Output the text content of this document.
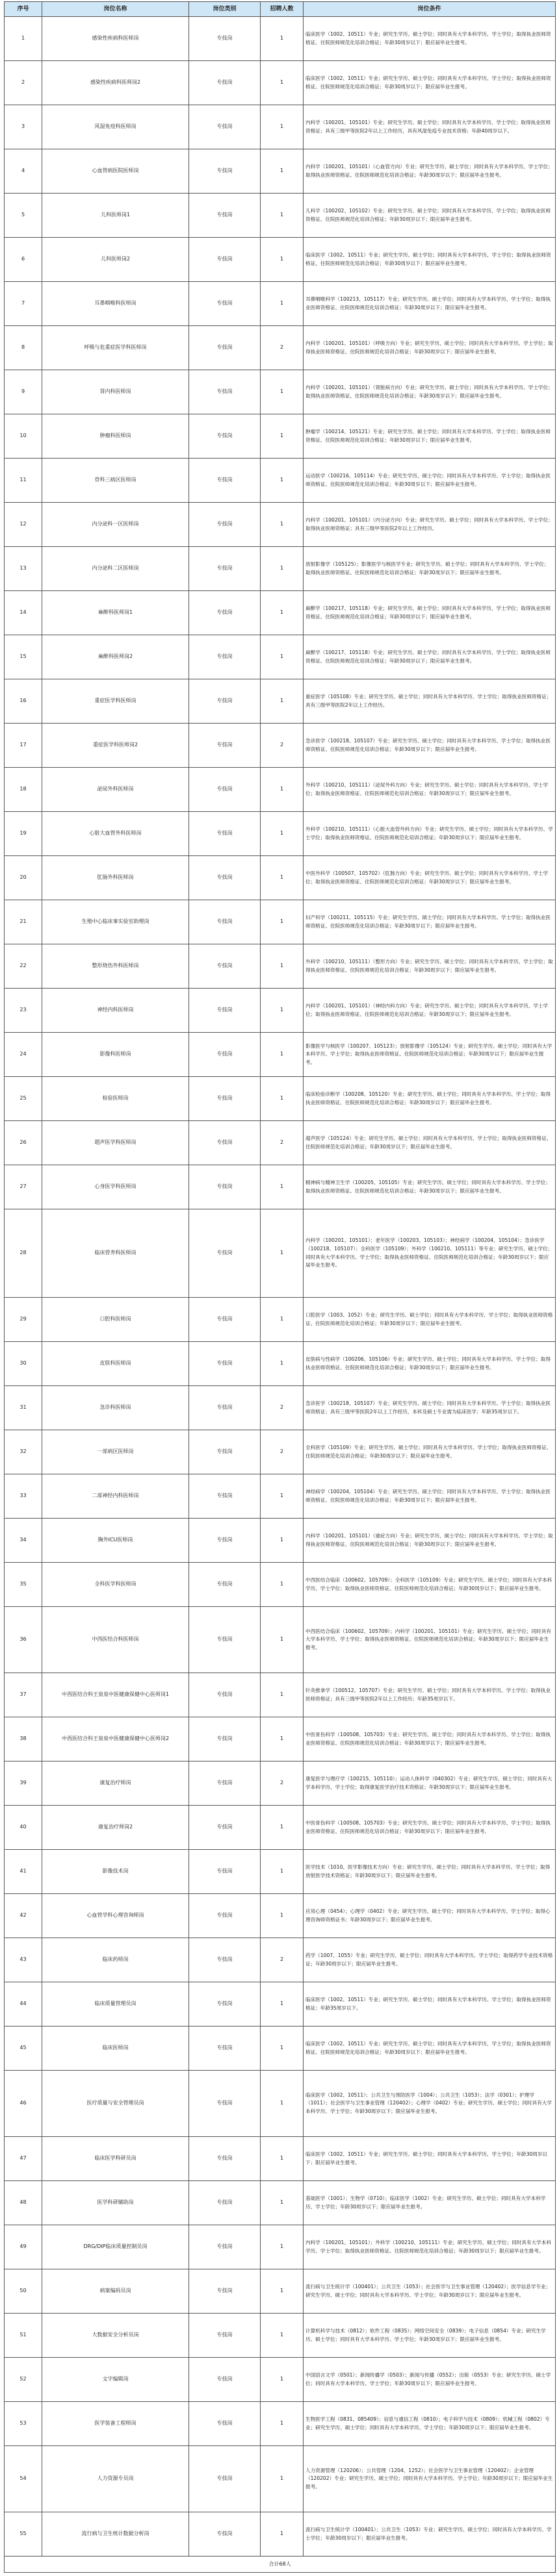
序号	岗位名称	岗位类别	招聘人数	岗位条件
1	感染性疾病科医师岗	专技岗	1	临床医学（1002、10511）专业；研究生学历、硕士学位；同时具有大学本科学历、学士学位；取得执业医师资格证、住院医师规范化培训合格证；年龄30周岁以下；限应届毕业生报考。
2	感染性疾病科医师岗2	专技岗	1	临床医学（1002、10511）专业；研究生学历、硕士学位；同时具有大学本科学历、学士学位；取得执业医师资格证、住院医师规范化培训合格证；年龄30周岁以下；限应届毕业生报考。
3	风湿免疫科医师岗	专技岗	1	内科学（100201、105101）专业；研究生学历、硕士学位；同时具有大学本科学历、学士学位；取得执业医师资格证；具有三级甲等医院2年以上工作经历，具有风湿免疫专业技术资格；年龄40周岁以下。
4	心血管病医院医师岗	专技岗	1	内科学（100201、105101）（心血管方向）专业；研究生学历、硕士学位；同时具有大学本科学历、学士学位；取得执业医师资格证、住院医师规范化培训合格证；年龄30周岁以下；限应届毕业生报考。
5	儿科医师岗1	专技岗	1	儿科学（100202、105102）专业；研究生学历、硕士学位；同时具有大学本科学历、学士学位；取得执业医师资格证、住院医师规范化培训合格证；年龄30周岁以下；限应届毕业生报考。
6	儿科医师岗2	专技岗	1	临床医学（1002、10511）专业；研究生学历、硕士学位；同时具有大学本科学历、学士学位；取得执业医师资格证、住院医师规范化培训合格证；年龄30周岁以下；限应届毕业生报考。
7	耳鼻咽喉科医师岗	专技岗	1	耳鼻咽喉科学（100213、105117）专业；研究生学历、硕士学位；同时具有大学本科学历、学士学位；取得执业医师资格证、住院医师规范化培训合格证；年龄30周岁以下；限应届毕业生报考。
8	呼吸与危重症医学科医师岗	专技岗	2	内科学（100201、105101）（呼吸方向）专业；研究生学历、硕士学位；同时具有大学本科学历、学士学位；取得执业医师资格证、住院医师规范化培训合格证；年龄30周岁以下；限应届毕业生报考。
9	肾内科医师岗	专技岗	1	内科学（100201、105101）（肾脏病方向）专业；研究生学历、硕士学位；同时具有大学本科学历、学士学位；取得执业医师资格证、住院医师规范化培训合格证；年龄30周岁以下；限应届毕业生报考。
10	肿瘤科医师岗	专技岗	1	肿瘤学（100214、105121）专业；研究生学历、硕士学位；同时具有大学本科学历、学士学位；取得执业医师资格证、住院医师规范化培训合格证；年龄30周岁以下；限应届毕业生报考。
11	骨科三病区医师岗	专技岗	1	运动医学（100216、105114）专业；研究生学历、硕士学位；同时具有大学本科学历、学士学位；取得执业医师资格证、住院医师规范化培训合格证；年龄30周岁以下；限应届毕业生报考。
12	内分泌科一区医师岗	专技岗	1	内科学（100201、105101）（内分泌方向）专业；研究生学历、硕士学位；同时具有大学本科学历、学士学位；取得执业医师资格证；具有三级甲等医院2年以上工作经历。
13	内分泌科二区医师岗	专技岗	1	放射影像学（105125）；影像医学与核医学专业；研究生学历、硕士学位；同时具有大学本科学历、学士学位；取得执业医师资格证、住院医师规范化培训合格证；年龄30周岁以下；限应届毕业生报考。
14	麻醉科医师岗1	专技岗	1	麻醉学（100217、105118）专业；研究生学历、硕士学位；同时具有大学本科学历、学士学位；取得执业医师资格证、住院医师规范化培训合格证；年龄30周岁以下；限应届毕业生报考。
15	麻醉科医师岗2	专技岗	1	麻醉学（100217、105118）专业；研究生学历、硕士学位；同时具有大学本科学历、学士学位；取得执业医师资格证、住院医师规范化培训合格证；年龄30周岁以下；限应届毕业生报考。
16	重症医学科医师岗	专技岗	1	重症医学（105108）专业；研究生学历、硕士学位；同时具有大学本科学历、学士学位；取得执业医师资格证；具有三级甲等医院2年以上工作经历。
17	重症医学科医师岗2	专技岗	2	急诊医学（100218、105107）专业；研究生学历、硕士学位；同时具有大学本科学历、学士学位；取得执业医师资格证、住院医师规范化培训合格证；年龄30周岁以下；限应届毕业生报考。
18	泌尿外科医师岗	专技岗	1	外科学（100210、105111）（泌尿外科方向）专业；研究生学历、硕士学位；同时具有大学本科学历、学士学位；取得执业医师资格证、住院医师规范化培训合格证；年龄30周岁以下；限应届毕业生报考。
19	心脏大血管外科医师岗	专技岗	1	外科学（100210、105111）（心脏大血管外科方向）专业；研究生学历、硕士学位；同时具有大学本科学历、学士学位；取得执业医师资格证、住院医师规范化培训合格证；年龄30周岁以下；限应届毕业生报考。
20	肛肠外科医师岗	专技岗	1	中医外科学（100507、105702）（肛肠方向）专业；研究生学历、硕士学位；同时具有大学本科学历、学士学位；取得执业医师资格证、住院医师规范化培训合格证；年龄30周岁以下；限应届毕业生报考。
21	生殖中心临床事实验室助理岗	专技岗	1	妇产科学（100211、105115）专业；研究生学历、硕士学位；同时具有大学本科学历、学士学位；取得执业医师资格证、住院医师规范化培训合格证；年龄30周岁以下；限应届毕业生报考。
22	整形烧伤外科医师岗	专技岗	1	外科学（100210、105111）（整形方向）专业；研究生学历、硕士学位；同时具有大学本科学历、学士学位；取得执业医师资格证、住院医师规范化培训合格证；年龄30周岁以下；限应届毕业生报考。
23	神经内科医师岗	专技岗	1	内科学（100201、105101）（神经内科方向）专业；研究生学历、硕士学位；同时具有大学本科学历、学士学位；取得执业医师资格证、住院医师规范化培训合格证；年龄30周岁以下；限应届毕业生报考。
24	影像科医师岗	专技岗	1	影像医学与核医学（100207、105123）；放射影像学（105124）专业；研究生学历、硕士学位；同时具有大学本科学历、学士学位；取得执业医师资格证、住院医师规范化培训合格证；年龄30周岁以下；限应届毕业生报考。
25	检验医师岗	专技岗	1	临床检验诊断学（100208、105120）专业；研究生学历、硕士学位；同时具有大学本科学历、学士学位；取得执业医师资格证、住院医师规范化培训合格证；年龄30周岁以下；限应届毕业生报考。
26	超声医学科医师岗	专技岗	2	超声医学（105124）专业；研究生学历、硕士学位；同时具有大学本科学历、学士学位；取得执业医师资格证、住院医师规范化培训合格证；年龄30周岁以下；限应届毕业生报考。
27	心身医学科医师岗	专技岗	1	精神病与精神卫生学（100205、105105）专业；研究生学历、硕士学位；同时具有大学本科学历、学士学位；取得执业医师资格证、住院医师规范化培训合格证；年龄30周岁以下；限应届毕业生报考。
28	临床营养科医师岗	专技岗	1	内科学（100201、105101）；老年医学（100203、105103）；神经病学（100204、105104）；急诊医学（100218、105107）；全科医学（105109）；外科学（100210、105111）等专业；研究生学历、硕士学位；同时具有大学本科学历、学士学位；取得执业医师资格证、住院医师规范化培训合格证；年龄30周岁以下；限应届毕业生报考。
29	口腔科医师岗	专技岗	1	口腔医学（1003、1052）专业；研究生学历、硕士学位；同时具有大学本科学历、学士学位；取得执业医师资格证、住院医师规范化培训合格证；年龄30周岁以下；限应届毕业生报考。
30	皮肤科医师岗	专技岗	1	皮肤病与性病学（100206、105106）专业；研究生学历、硕士学位；同时具有大学本科学历、学士学位；取得执业医师资格证、住院医师规范化培训合格证；年龄30周岁以下；限应届毕业生报考。
31	急诊科医师岗	专技岗	2	急诊医学（100218、105107）专业；研究生学历、硕士学位；同时具有大学本科学历、学士学位；取得执业医师资格证；具有三级甲等医院2年以上工作经历，本科及硕士专业需为临床医学；年龄35周岁以下。
32	一部病区医师岗	专技岗	2	全科医学（105109）专业；研究生学历、硕士学位；同时具有大学本科学历、学士学位；取得执业医师资格证、住院医师规范化培训合格证；年龄30周岁以下；限应届毕业生报考。
33	二部神经内科医师岗	专技岗	1	神经病学（100204、105104）专业；研究生学历、硕士学位；同时具有大学本科学历、学士学位；取得执业医师资格证、住院医师规范化培训合格证；年龄30周岁以下；限应届毕业生报考。
34	胸外ICU医师岗	专技岗	1	内科学（100201、105101）（重症方向）专业；研究生学历、硕士学位；同时具有大学本科学历、学士学位；取得执业医师资格证、住院医师规范化培训合格证；年龄30周岁以下；限应届毕业生报考。
35	全科医学科医师岗	专技岗	1	中西医结合临床（100602、105709）；全科医学（105109）专业；研究生学历、硕士学位；同时具有大学本科学历、学士学位；取得执业医师资格证、住院医师规范化培训合格证；年龄30周岁以下；限应届毕业生报考。
36	中西医结合科医师岗	专技岗	1	中西医结合临床（100602、105709）；内科学（100201、105101）专业；研究生学历、硕士学位；同时具有大学本科学历、学士学位；取得执业医师资格证、住院医师规范化培训合格证；年龄30周岁以下；限应届毕业生报考。
37	中西医结合科王泉泉中医健康保健中心医师岗1	专技岗	1	针灸推拿学（100512、105707）专业；研究生学历、硕士学位；同时具有大学本科学历、学士学位；取得执业医师资格证；具有三级甲等医院2年以上工作经历；年龄35周岁以下。
38	中西医结合科王泉泉中医健康保健中心医师岗2	专技岗	1	中医骨伤科学（100508、105703）专业；研究生学历、硕士学位；同时具有大学本科学历、学士学位；取得执业医师资格证、住院医师规范化培训合格证；年龄30周岁以下；限应届毕业生报考。
39	康复治疗师岗	专技岗	2	康复医学与理疗学（100215、105110）；运动人体科学（040302）专业；研究生学历、硕士学位；同时具有大学本科学历、学士学位；取得康复医学治疗技术资格证；年龄30周岁以下；限应届毕业生报考。
40	康复治疗师岗2	专技岗	1	中医骨伤科学（100508、105703）专业；研究生学历、硕士学位；同时具有大学本科学历、学士学位；取得执业医师资格证、住院医师规范化培训合格证；年龄30周岁以下；限应届毕业生报考。
41	影像技术岗	专技岗	1	医学技术（1010、医学影像技术方向）专业；研究生学历、硕士学位；同时具有大学本科学历、学士学位；取得放射医学技术资格证；年龄30周岁以下；限应届毕业生报考。
42	心血管学科心理咨询师岗	专技岗	1	应用心理（0454）；心理学（0402）专业；研究生学历、硕士学位；同时具有大学本科学历、学士学位；取得心理咨询师资格证书；年龄30周岁以下；限应届毕业生报考。
43	临床药师岗	专技岗	2	药学（1007、1055）专业；研究生学历、硕士学位；同时具有大学本科学历、学士学位；取得药学专业技术资格证；年龄30周岁以下；限应届毕业生报考。
44	临床质量管理员岗	专技岗	1	临床医学（1002、10511）专业；研究生学历、硕士学位；同时具有大学本科学历、学士学位；取得执业医师资格证；年龄35周岁以下。
45	临床医师岗	专技岗	1	临床医学（1002、10511）专业；研究生学历、硕士学位；同时具有大学本科学历、学士学位；取得执业医师资格证、住院医师规范化培训合格证；年龄30周岁以下；限应届毕业生报考。
46	医疗质量与安全管理员岗	专技岗	1	临床医学（1002、10511）；公共卫生与预防医学（1004）；公共卫生（1053）；法学（0301）；护理学（1011）；社会医学与卫生事业管理（120402）；心理学（0402）专业；研究生学历、硕士学位；同时具有大学本科学历、学士学位；年龄30周岁以下；限应届毕业生报考。
47	临床医学科研员岗	专技岗	1	临床医学（1002、10511）专业；研究生学历、硕士学位；同时具有大学本科学历、学士学位；年龄30周岁以下；限应届毕业生报考。
48	医学科研辅助岗	专技岗	1	基础医学（1001）；生物学（0710）；临床医学（1002）专业；研究生学历、硕士学位；同时具有大学本科学历、学士学位；年龄30周岁以下；限应届毕业生报考。
49	DRG/DIP临床质量控制员岗	专技岗	1	内科学（100201、105101）；外科学（100210、105111）专业；研究生学历、硕士学位；同时具有大学本科学历、学士学位；取得执业医师资格证、住院医师规范化培训合格证；年龄30周岁以下；限应届毕业生报考。
50	病案编码员岗	专技岗	1	流行病与卫生统计学（100401）；公共卫生（1053）；社会医学与卫生事业管理（120402）；医学信息学专业；研究生学历、硕士学位；同时具有大学本科学历、学士学位；年龄30周岁以下；限应届毕业生报考。
51	大数据安全分析员岗	专技岗	1	计算机科学与技术（0812）；软件工程（0835）；网络空间安全（0839）；电子信息（0854）专业；研究生学历、硕士学位；同时具有大学本科学历、学士学位；年龄30周岁以下；限应届毕业生报考。
52	文字编辑岗	专技岗	1	中国语言文学（0501）；新闻传播学（0503）；新闻与传播（0552）；出版（0553）专业；研究生学历、硕士学位；同时具有大学本科学历、学士学位；年龄30周岁以下；限应届毕业生报考。
53	医学装备工程师岗	专技岗	1	生物医学工程（0831、085409）；信息与通信工程（0810）；电子科学与技术（0809）；机械工程（0802）专业；研究生学历、硕士学位；同时具有大学本科学历、学士学位；年龄30周岁以下；限应届毕业生报考。
54	人力资源专员岗	专技岗	1	人力资源管理（120206）；公共管理（1204、1252）；社会医学与卫生事业管理（120402）；企业管理（120202）专业；研究生学历、硕士学位；同时具有大学本科学历、学士学位；年龄30周岁以下；限应届毕业生报考。
55	流行病与卫生统计数据分析岗	专技岗	1	流行病与卫生统计学（100401）；公共卫生（1053）专业；研究生学历、硕士学位；同时具有大学本科学历、学士学位；年龄30周岁以下；限应届毕业生报考。
合计68人				
